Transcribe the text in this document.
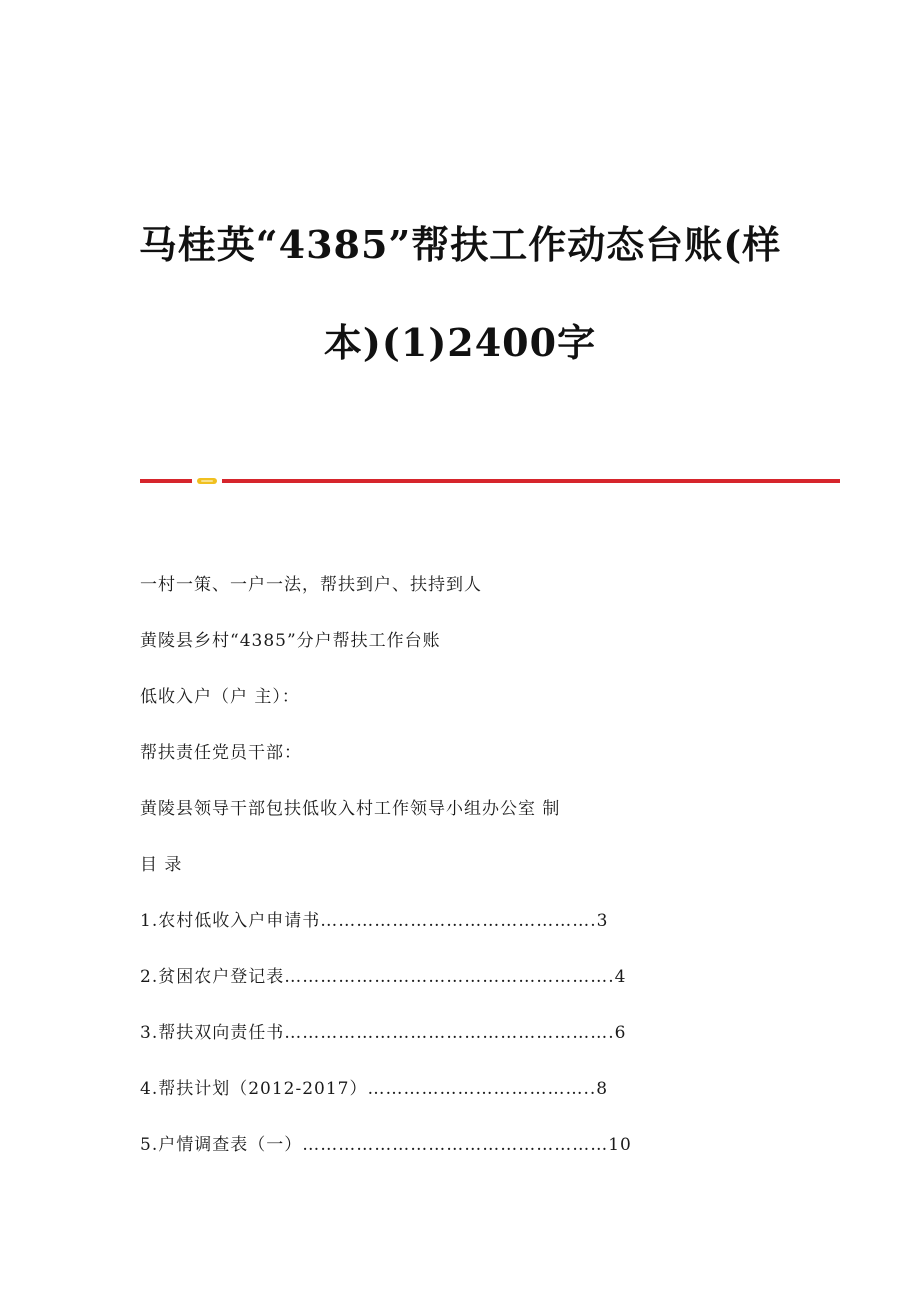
马桂英“4385”帮扶工作动态台账(样
本)(1)2400字
一村一策、一户一法，帮扶到户、扶持到人
黄陵县乡村“4385”分户帮扶工作台账
低收入户（户 主）：
帮扶责任党员干部：
黄陵县领导干部包扶低收入村工作领导小组办公室 制
目 录
1.农村低收入户申请书……………………………………….3
2.贫困农户登记表……………………………………………….4
3.帮扶双向责任书……………………………………………….6
4.帮扶计划（2012-2017）………………………………..8
5.户情调查表（一）……………………………………………10
